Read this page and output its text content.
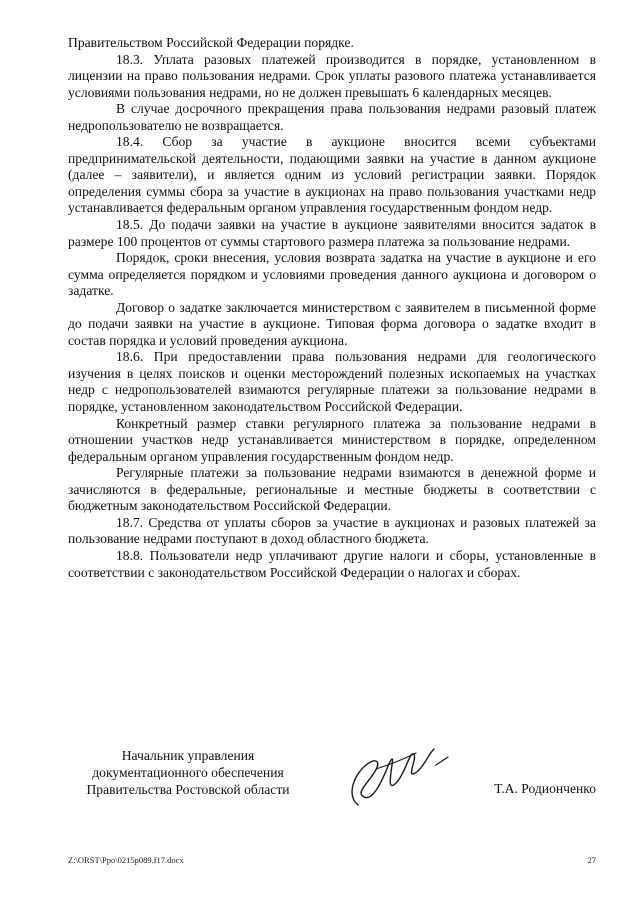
Правительством Российской Федерации порядке.

18.3. Уплата разовых платежей производится в порядке, установленном в лицензии на право пользования недрами. Срок уплаты разового платежа устанавливается условиями пользования недрами, но не должен превышать 6 календарных месяцев.

В случае досрочного прекращения права пользования недрами разовый платеж недропользователю не возвращается.

18.4. Сбор за участие в аукционе вносится всеми субъектами предпринимательской деятельности, подающими заявки на участие в данном аукционе (далее – заявители), и является одним из условий регистрации заявки. Порядок определения суммы сбора за участие в аукционах на право пользования участками недр устанавливается федеральным органом управления государственным фондом недр.

18.5. До подачи заявки на участие в аукционе заявителями вносится задаток в размере 100 процентов от суммы стартового размера платежа за пользование недрами.

Порядок, сроки внесения, условия возврата задатка на участие в аукционе и его сумма определяется порядком и условиями проведения данного аукциона и договором о задатке.

Договор о задатке заключается министерством с заявителем в письменной форме до подачи заявки на участие в аукционе. Типовая форма договора о задатке входит в состав порядка и условий проведения аукциона.

18.6. При предоставлении права пользования недрами для геологического изучения в целях поисков и оценки месторождений полезных ископаемых на участках недр с недропользователей взимаются регулярные платежи за пользование недрами в порядке, установленном законодательством Российской Федерации.

Конкретный размер ставки регулярного платежа за пользование недрами в отношении участков недр устанавливается министерством в порядке, определенном федеральным органом управления государственным фондом недр.

Регулярные платежи за пользование недрами взимаются в денежной форме и зачисляются в федеральные, региональные и местные бюджеты в соответствии с бюджетным законодательством Российской Федерации.

18.7. Средства от уплаты сборов за участие в аукционах и разовых платежей за пользование недрами поступают в доход областного бюджета.

18.8. Пользователи недр уплачивают другие налоги и сборы, установленные в соответствии с законодательством Российской Федерации о налогах и сборах.

Начальник управления
документационного обеспечения
Правительства Ростовской области	Т.А. Родионченко
Z:\ORST\Ppo\0215p089.f17.docx	27
